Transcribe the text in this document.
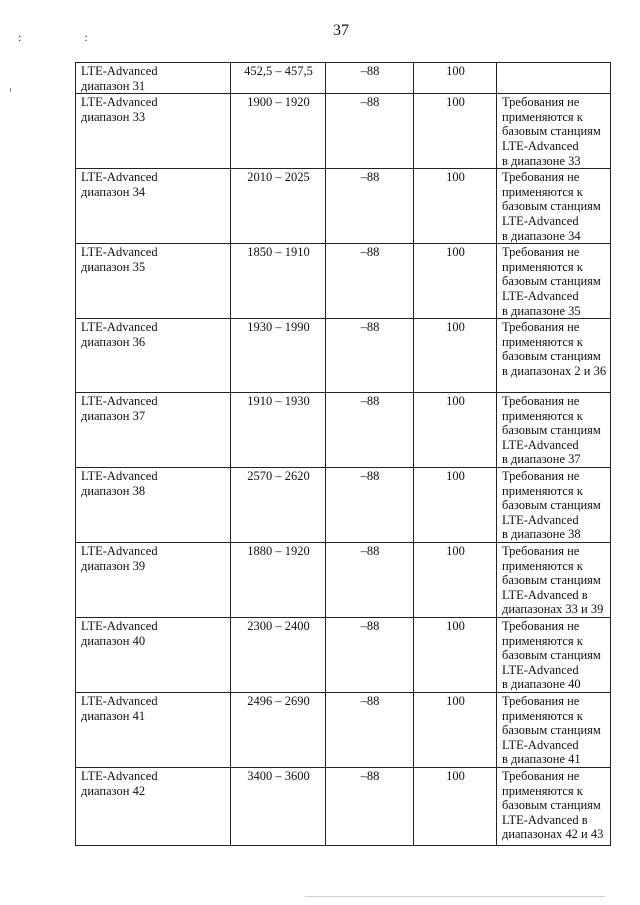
37
: :
LTE-Advanced
диапазон 31	452,5 – 457,5	–88	100	

LTE-Advanced
диапазон 33	1900 – 1920	–88	100	Требования не
применяются к
базовым станциям
LTE-Advanced
в диапазоне 33

LTE-Advanced
диапазон 34	2010 – 2025	–88	100	Требования не
применяются к
базовым станциям
LTE-Advanced
в диапазоне 34

LTE-Advanced
диапазон 35	1850 – 1910	–88	100	Требования не
применяются к
базовым станциям
LTE-Advanced
в диапазоне 35

LTE-Advanced
диапазон 36	1930 – 1990	–88	100	Требования не
применяются к
базовым станциям
в диапазонах 2 и 36

LTE-Advanced
диапазон 37	1910 – 1930	–88	100	Требования не
применяются к
базовым станциям
LTE-Advanced
в диапазоне 37

LTE-Advanced
диапазон 38	2570 – 2620	–88	100	Требования не
применяются к
базовым станциям
LTE-Advanced
в диапазоне 38

LTE-Advanced
диапазон 39	1880 – 1920	–88	100	Требования не
применяются к
базовым станциям
LTE-Advanced в
диапазонах 33 и 39

LTE-Advanced
диапазон 40	2300 – 2400	–88	100	Требования не
применяются к
базовым станциям
LTE-Advanced
в диапазоне 40

LTE-Advanced
диапазон 41	2496 – 2690	–88	100	Требования не
применяются к
базовым станциям
LTE-Advanced
в диапазоне 41

LTE-Advanced
диапазон 42	3400 – 3600	–88	100	Требования не
применяются к
базовым станциям
LTE-Advanced в
диапазонах 42 и 43
